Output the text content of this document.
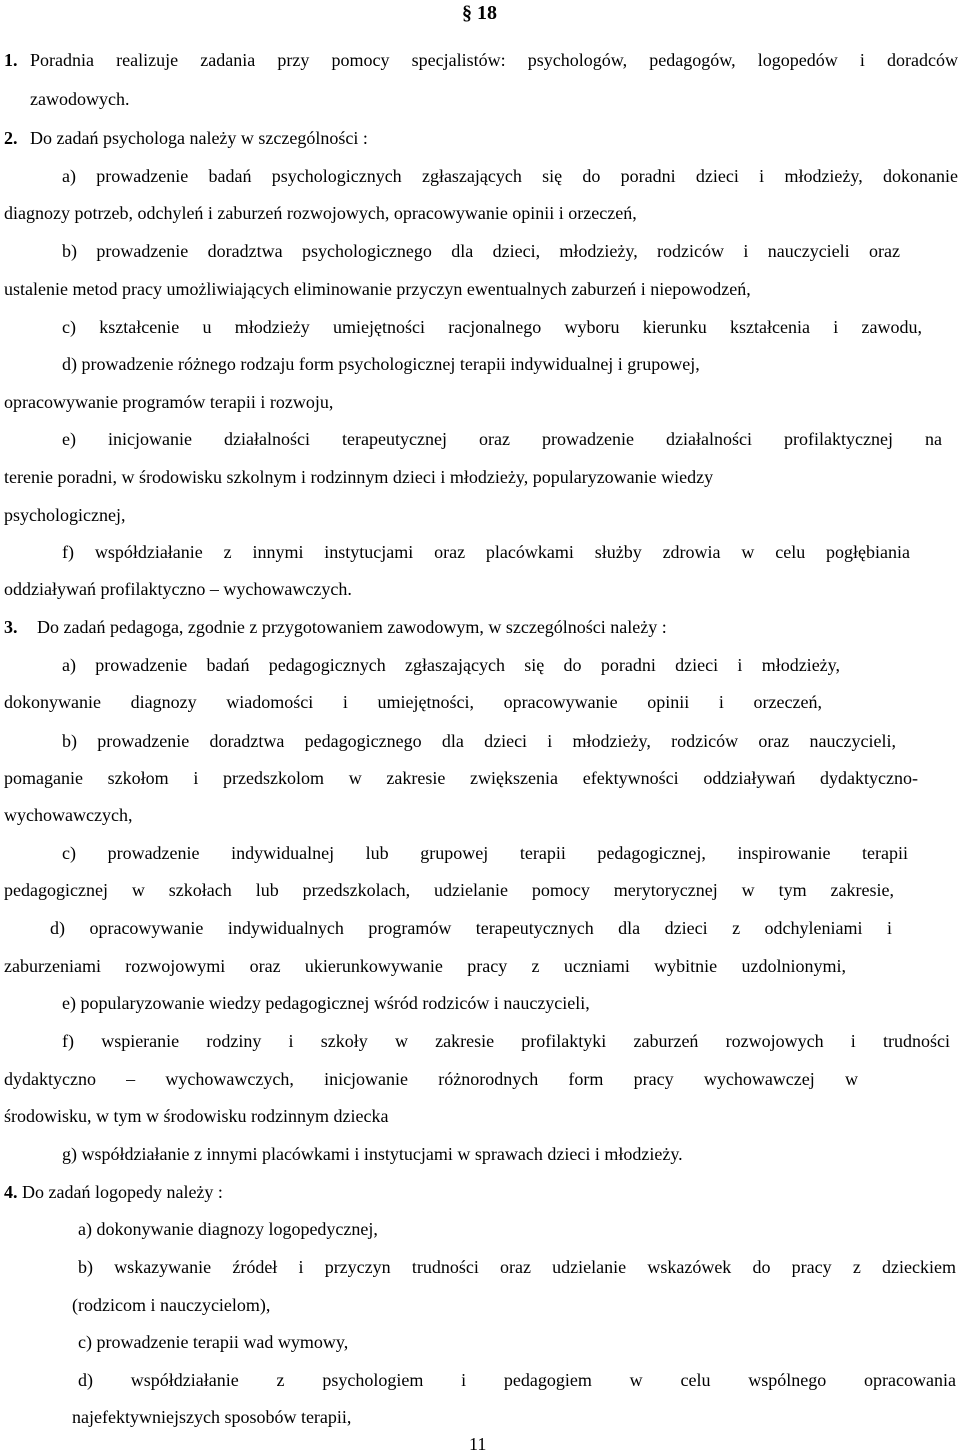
§ 18
1. Poradnia realizuje zadania przy pomocy specjalistów: psychologów, pedagogów, logopedów i doradców
zawodowych.
2. Do zadań psychologa należy w szczególności :
a) prowadzenie badań psychologicznych zgłaszających się do poradni dzieci i młodzieży, dokonanie
diagnozy potrzeb, odchyleń i zaburzeń rozwojowych, opracowywanie opinii i orzeczeń,
b) prowadzenie doradztwa psychologicznego dla dzieci, młodzieży, rodziców i nauczycieli oraz
ustalenie metod pracy umożliwiających eliminowanie przyczyn ewentualnych zaburzeń i niepowodzeń,
c) kształcenie u młodzieży umiejętności racjonalnego wyboru kierunku kształcenia i zawodu,
d) prowadzenie różnego rodzaju form psychologicznej terapii indywidualnej i grupowej,
opracowywanie programów terapii i rozwoju,
e) inicjowanie działalności terapeutycznej oraz prowadzenie działalności profilaktycznej na
terenie poradni, w środowisku szkolnym i rodzinnym dzieci i młodzieży, popularyzowanie wiedzy
psychologicznej,
f) współdziałanie z innymi instytucjami oraz placówkami służby zdrowia w celu pogłębiania
oddziaływań profilaktyczno – wychowawczych.
3. Do zadań pedagoga, zgodnie z przygotowaniem zawodowym, w szczególności należy :
a) prowadzenie badań pedagogicznych zgłaszających się do poradni dzieci i młodzieży,
dokonywanie diagnozy wiadomości i umiejętności, opracowywanie opinii i orzeczeń,
b) prowadzenie doradztwa pedagogicznego dla dzieci i młodzieży, rodziców oraz nauczycieli,
pomaganie szkołom i przedszkolom w zakresie zwiększenia efektywności oddziaływań dydaktyczno-
wychowawczych,
c) prowadzenie indywidualnej lub grupowej terapii pedagogicznej, inspirowanie terapii
pedagogicznej w szkołach lub przedszkolach, udzielanie pomocy merytorycznej w tym zakresie,
d) opracowywanie indywidualnych programów terapeutycznych dla dzieci z odchyleniami i
zaburzeniami rozwojowymi oraz ukierunkowywanie pracy z uczniami wybitnie uzdolnionymi,
e) popularyzowanie wiedzy pedagogicznej wśród rodziców i nauczycieli,
f) wspieranie rodziny i szkoły w zakresie profilaktyki zaburzeń rozwojowych i trudności
dydaktyczno – wychowawczych, inicjowanie różnorodnych form pracy wychowawczej w
środowisku, w tym w środowisku rodzinnym dziecka
g) współdziałanie z innymi placówkami i instytucjami w sprawach dzieci i młodzieży.
4. Do zadań logopedy należy :
a) dokonywanie diagnozy logopedycznej,
b) wskazywanie źródeł i przyczyn trudności oraz udzielanie wskazówek do pracy z dzieckiem
(rodzicom i nauczycielom),
c) prowadzenie terapii wad wymowy,
d) współdziałanie z psychologiem i pedagogiem w celu wspólnego opracowania
najefektywniejszych sposobów terapii,
11
